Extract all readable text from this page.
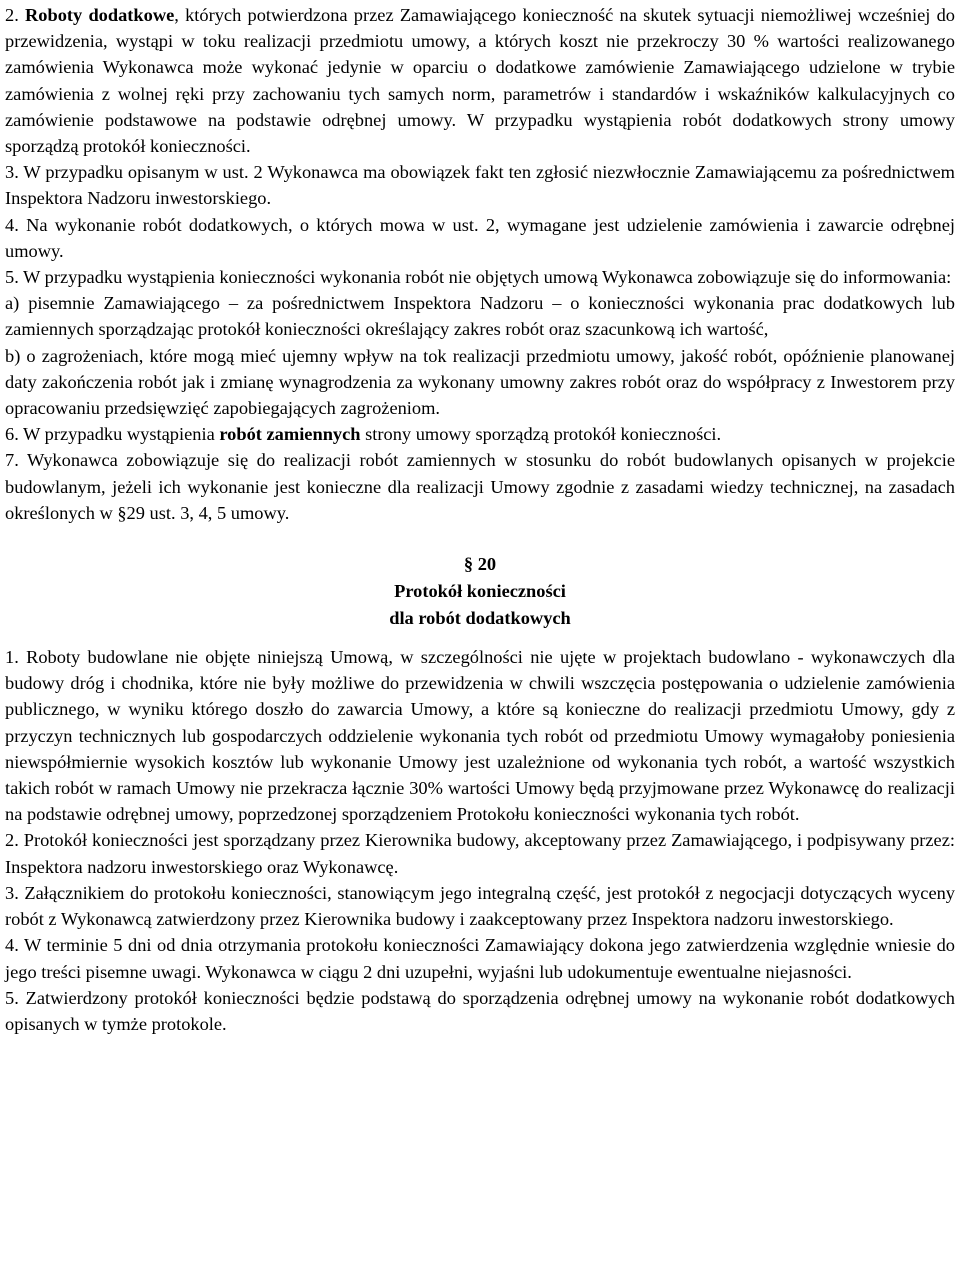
2. Roboty dodatkowe, których potwierdzona przez Zamawiającego konieczność na skutek sytuacji niemożliwej wcześniej do przewidzenia, wystąpi w toku realizacji przedmiotu umowy, a których koszt nie przekroczy 30 % wartości realizowanego zamówienia Wykonawca może wykonać jedynie w oparciu o dodatkowe zamówienie Zamawiającego udzielone w trybie zamówienia z wolnej ręki przy zachowaniu tych samych norm, parametrów i standardów i wskaźników kalkulacyjnych co zamówienie podstawowe na podstawie odrębnej umowy. W przypadku wystąpienia robót dodatkowych strony umowy sporządzą protokół konieczności.

3. W przypadku opisanym w ust. 2 Wykonawca ma obowiązek fakt ten zgłosić niezwłocznie Zamawiającemu za pośrednictwem Inspektora Nadzoru inwestorskiego.

4. Na wykonanie robót dodatkowych, o których mowa w ust. 2, wymagane jest udzielenie zamówienia i zawarcie odrębnej umowy.

5. W przypadku wystąpienia konieczności wykonania robót nie objętych umową Wykonawca zobowiązuje się do informowania:

a) pisemnie Zamawiającego – za pośrednictwem Inspektora Nadzoru – o konieczności wykonania prac dodatkowych lub zamiennych sporządzając protokół konieczności określający zakres robót oraz szacunkową ich wartość,

b) o zagrożeniach, które mogą mieć ujemny wpływ na tok realizacji przedmiotu umowy, jakość robót, opóźnienie planowanej daty zakończenia robót jak i zmianę wynagrodzenia za wykonany umowny zakres robót oraz do współpracy z Inwestorem przy opracowaniu przedsięwzięć zapobiegających zagrożeniom.

6. W przypadku wystąpienia robót zamiennych strony umowy sporządzą protokół konieczności.

7. Wykonawca zobowiązuje się do realizacji robót zamiennych w stosunku do robót budowlanych opisanych w projekcie budowlanym, jeżeli ich wykonanie jest konieczne dla realizacji Umowy zgodnie z zasadami wiedzy technicznej, na zasadach określonych w §29 ust. 3, 4, 5 umowy.

§ 20

Protokół konieczności

dla robót dodatkowych

1. Roboty budowlane nie objęte niniejszą Umową, w szczególności nie ujęte w projektach budowlano - wykonawczych dla budowy dróg i chodnika, które nie były możliwe do przewidzenia w chwili wszczęcia postępowania o udzielenie zamówienia publicznego, w wyniku którego doszło do zawarcia Umowy, a które są konieczne do realizacji przedmiotu Umowy, gdy z przyczyn technicznych lub gospodarczych oddzielenie wykonania tych robót od przedmiotu Umowy wymagałoby poniesienia niewspółmiernie wysokich kosztów lub wykonanie Umowy jest uzależnione od wykonania tych robót, a wartość wszystkich takich robót w ramach Umowy nie przekracza łącznie 30% wartości Umowy będą przyjmowane przez Wykonawcę do realizacji na podstawie odrębnej umowy, poprzedzonej sporządzeniem Protokołu konieczności wykonania tych robót.

2. Protokół konieczności jest sporządzany przez Kierownika budowy, akceptowany przez Zamawiającego, i podpisywany przez: Inspektora nadzoru inwestorskiego oraz Wykonawcę.

3. Załącznikiem do protokołu konieczności, stanowiącym jego integralną część, jest protokół z negocjacji dotyczących wyceny robót z Wykonawcą zatwierdzony przez Kierownika budowy i zaakceptowany przez Inspektora nadzoru inwestorskiego.

4. W terminie 5 dni od dnia otrzymania protokołu konieczności Zamawiający dokona jego zatwierdzenia względnie wniesie do jego treści pisemne uwagi. Wykonawca w ciągu 2 dni uzupełni, wyjaśni lub udokumentuje ewentualne niejasności.

5. Zatwierdzony protokół konieczności będzie podstawą do sporządzenia odrębnej umowy na wykonanie robót dodatkowych opisanych w tymże protokole.
